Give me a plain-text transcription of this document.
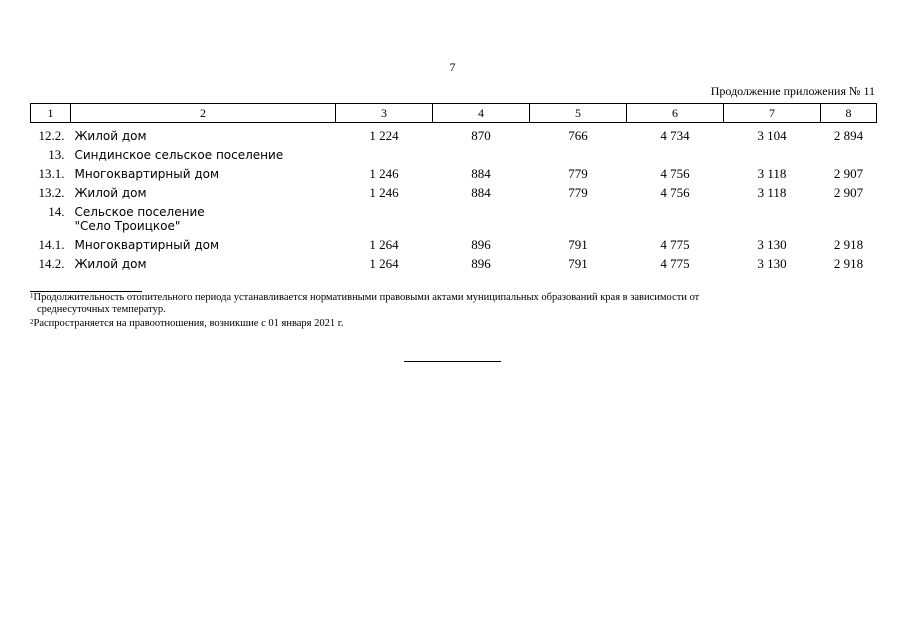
7
Продолжение приложения № 11
1	2	3	4	5	6	7	8
12.2.	Жилой дом	1 224	870	766	4 734	3 104	2 894
13.	Синдинское сельское поселение						
13.1.	Многоквартирный дом	1 246	884	779	4 756	3 118	2 907
13.2.	Жилой дом	1 246	884	779	4 756	3 118	2 907
14.	Сельское поселение "Село Троицкое"						
14.1.	Многоквартирный дом	1 264	896	791	4 775	3 130	2 918
14.2.	Жилой дом	1 264	896	791	4 775	3 130	2 918
$^1$Продолжительность отопительного периода устанавливается нормативными правовыми актами муниципальных образований края в зависимости от
среднесуточных температур.
$^2$Распространяется на правоотношения, возникшие с 01 января 2021 г.
